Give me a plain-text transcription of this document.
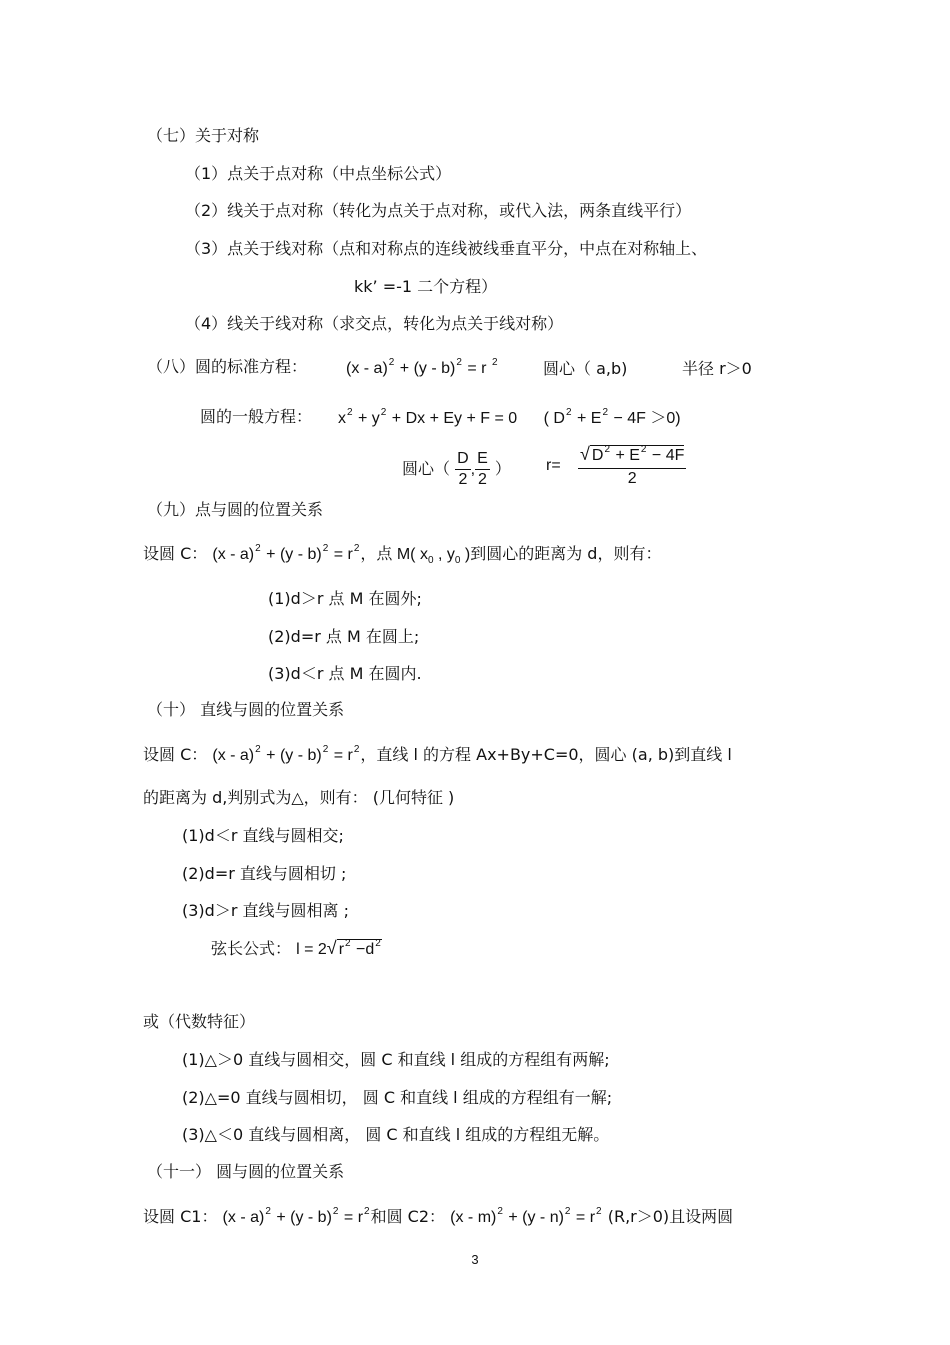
（七）关于对称
（1）点关于点对称（中点坐标公式）
（2）线关于点对称（转化为点关于点对称，或代入法，两条直线平行）
（3）点关于线对称（点和对称点的连线被线垂直平分，中点在对称轴上、
kk’ =-1 二个方程）
（4）线关于线对称（求交点，转化为点关于线对称）
（八）圆的标准方程： (x - a)$^2$ + (y - b)$^2$ = r $^2$	圆心（ a,b)	半径 r＞0
圆的一般方程： $x^2 + y^2 + Dx + Ey + F = 0$ ( $D^2 + E^2 - 4F >0$)
圆心（ $\frac{D}{2}$ , $\frac{E}{2}$ ） $r= \frac{√ D^2 + E^2 - 4F}{2}$
（九）点与圆的位置关系
设圆 C： $(x - a)^2 + (y - b)^2 = r^2$，点 M( $x_0$ , $y_0$ )到圆心的距离为 d，则有：
(1)d＞r 点 M 在圆外;
(2)d=r 点 M 在圆上;
(3)d＜r 点 M 在圆内.
（十） 直线与圆的位置关系
设圆 C： $(x - a)^2 + (y - b)^2 = r^2$，直线 l 的方程 Ax+By+C=0，圆心 (a, b)到直线 l
的距离为 d,判别式为△，则有： (几何特征 )
(1)d＜r 直线与圆相交;
(2)d=r 直线与圆相切 ;
(3)d＞r 直线与圆相离 ;
弦长公式： l = 2√ $r^2 -d^2$
或（代数特征）
(1)△＞0 直线与圆相交，圆 C 和直线 l 组成的方程组有两解;
(2)△=0 直线与圆相切， 圆 C 和直线 l 组成的方程组有一解;
(3)△＜0 直线与圆相离， 圆 C 和直线 l 组成的方程组无解。
（十一） 圆与圆的位置关系
设圆 C1： $(x - a)^2 + (y - b)^2 = r^2$和圆 C2： $(x - m)^2 + (y - n)^2 = r^2$ (R,r＞0)且设两圆
3
